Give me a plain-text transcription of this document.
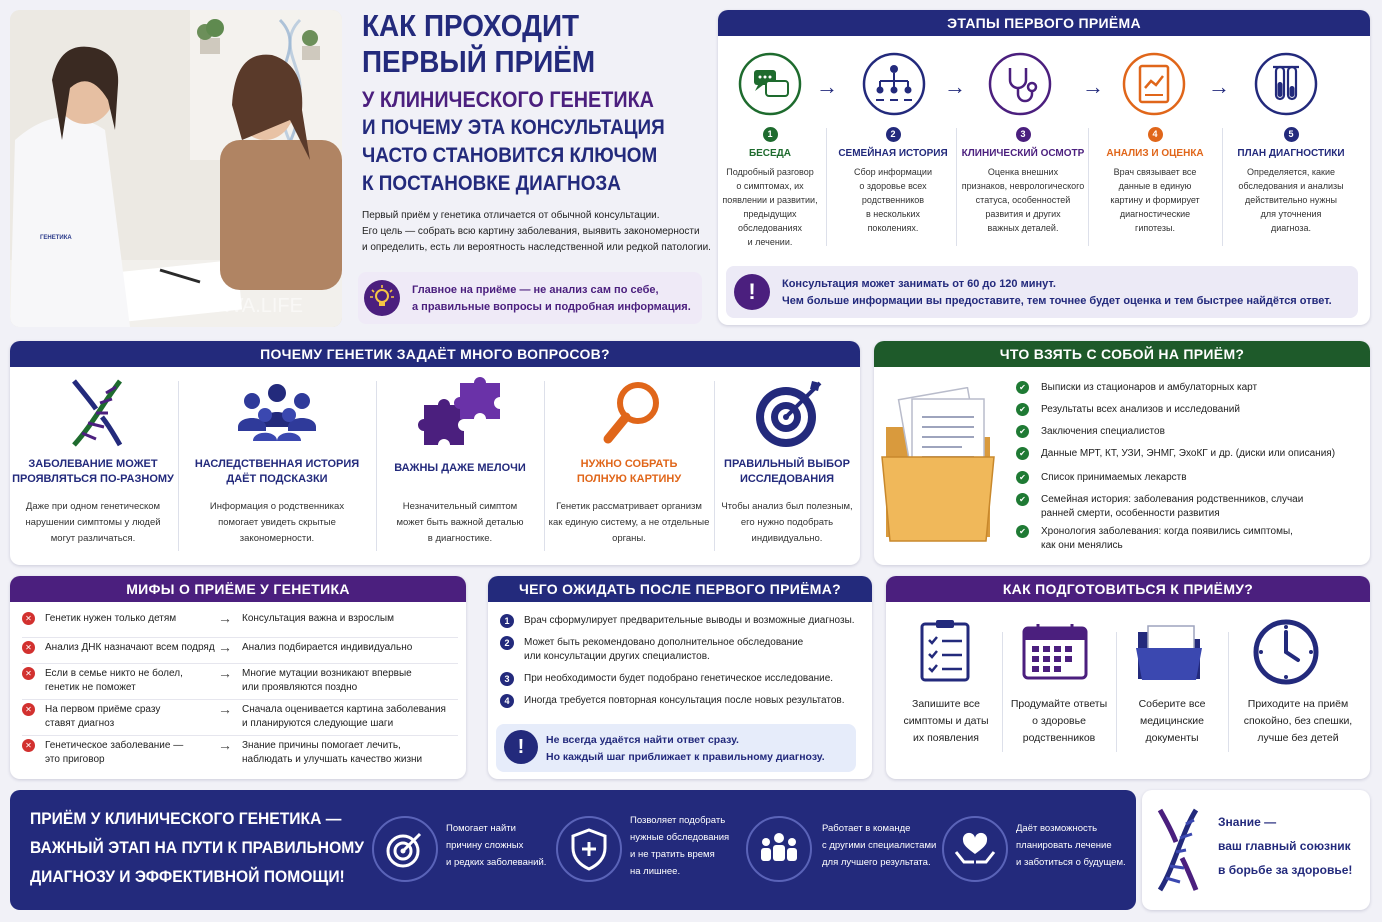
INVA.LIFE
ГЕНЕТИКА
КАК ПРОХОДИТ
ПЕРВЫЙ ПРИЁМ
У КЛИНИЧЕСКОГО ГЕНЕТИКА
И ПОЧЕМУ ЭТА КОНСУЛЬТАЦИЯ
ЧАСТО СТАНОВИТСЯ КЛЮЧОМ
К ПОСТАНОВКЕ ДИАГНОЗА
Первый приём у генетика отличается от обычной консультации.
Его цель — собрать всю картину заболевания, выявить закономерности
и определить, есть ли вероятность наследственной или редкой патологии.
Главное на приёме — не анализ сам по себе,
а правильные вопросы и подробная информация.
ЭТАПЫ ПЕРВОГО ПРИЁМА
→	→	→	→
1
БЕСЕДА
Подробный разговор
о симптомах, их
появлении и развитии,
предыдущих
обследованиях
и лечении.
2
СЕМЕЙНАЯ ИСТОРИЯ
Сбор информации
о здоровье всех
родственников
в нескольких
поколениях.
3
КЛИНИЧЕСКИЙ ОСМОТР
Оценка внешних
признаков, неврологического
статуса, особенностей
развития и других
важных деталей.
4
АНАЛИЗ И ОЦЕНКА
Врач связывает все
данные в единую
картину и формирует
диагностические
гипотезы.
5
ПЛАН ДИАГНОСТИКИ
Определяется, какие
обследования и анализы
действительно нужны
для уточнения
диагноза.
!	Консультация может занимать от 60 до 120 минут.
Чем больше информации вы предоставите, тем точнее будет оценка и тем быстрее найдётся ответ.
ПОЧЕМУ ГЕНЕТИК ЗАДАЁТ МНОГО ВОПРОСОВ?
ЗАБОЛЕВАНИЕ МОЖЕТ
ПРОЯВЛЯТЬСЯ ПО-РАЗНОМУ
Даже при одном генетическом
нарушении симптомы у людей
могут различаться.
НАСЛЕДСТВЕННАЯ ИСТОРИЯ
ДАЁТ ПОДСКАЗКИ
Информация о родственниках
помогает увидеть скрытые
закономерности.
ВАЖНЫ ДАЖЕ МЕЛОЧИ
Незначительный симптом
может быть важной деталью
в диагностике.
НУЖНО СОБРАТЬ
ПОЛНУЮ КАРТИНУ
Генетик рассматривает организм
как единую систему, а не отдельные
органы.
ПРАВИЛЬНЫЙ ВЫБОР
ИССЛЕДОВАНИЯ
Чтобы анализ был полезным,
его нужно подобрать
индивидуально.
ЧТО ВЗЯТЬ С СОБОЙ НА ПРИЁМ?
✔	Выписки из стационаров и амбулаторных карт
✔	Результаты всех анализов и исследований
✔	Заключения специалистов
✔	Данные МРТ, КТ, УЗИ, ЭНМГ, ЭхоКГ и др. (диски или описания)
✔	Список принимаемых лекарств
✔	Семейная история: заболевания родственников, случаи
ранней смерти, особенности развития
✔	Хронология заболевания: когда появились симптомы,
как они менялись
МИФЫ О ПРИЁМЕ У ГЕНЕТИКА
✕	Генетик нужен только детям	→ Консультация важна и взрослым
✕	Анализ ДНК назначают всем подряд → Анализ подбирается индивидуально
✕	Если в семье никто не болел,
генетик не поможет
→ Многие мутации возникают впервые
или проявляются поздно
✕	На первом приёме сразу
ставят диагноз
→ Сначала оценивается картина заболевания
и планируются следующие шаги
✕	Генетическое заболевание —
это приговор
→ Знание причины помогает лечить,
наблюдать и улучшать качество жизни
ЧЕГО ОЖИДАТЬ ПОСЛЕ ПЕРВОГО ПРИЁМА?
1	Врач сформулирует предварительные выводы и возможные диагнозы.
2	Может быть рекомендовано дополнительное обследование
или консультации других специалистов.
3	При необходимости будет подобрано генетическое исследование.
4	Иногда требуется повторная консультация после новых результатов.
!	Не всегда удаётся найти ответ сразу.
Но каждый шаг приближает к правильному диагнозу.
КАК ПОДГОТОВИТЬСЯ К ПРИЁМУ?
Запишите все
симптомы и даты
их появления
Продумайте ответы
о здоровье
родственников
Соберите все
медицинские
документы
Приходите на приём
спокойно, без спешки,
лучше без детей
ПРИЁМ У КЛИНИЧЕСКОГО ГЕНЕТИКА —
ВАЖНЫЙ ЭТАП НА ПУТИ К ПРАВИЛЬНОМУ
ДИАГНОЗУ И ЭФФЕКТИВНОЙ ПОМОЩИ!
Помогает найти
причину сложных
и редких заболеваний.
Позволяет подобрать
нужные обследования
и не тратить время
на лишнее.
Работает в команде
с другими специалистами
для лучшего результата.
Даёт возможность
планировать лечение
и заботиться о будущем.
Знание —
ваш главный союзник
в борьбе за здоровье!
